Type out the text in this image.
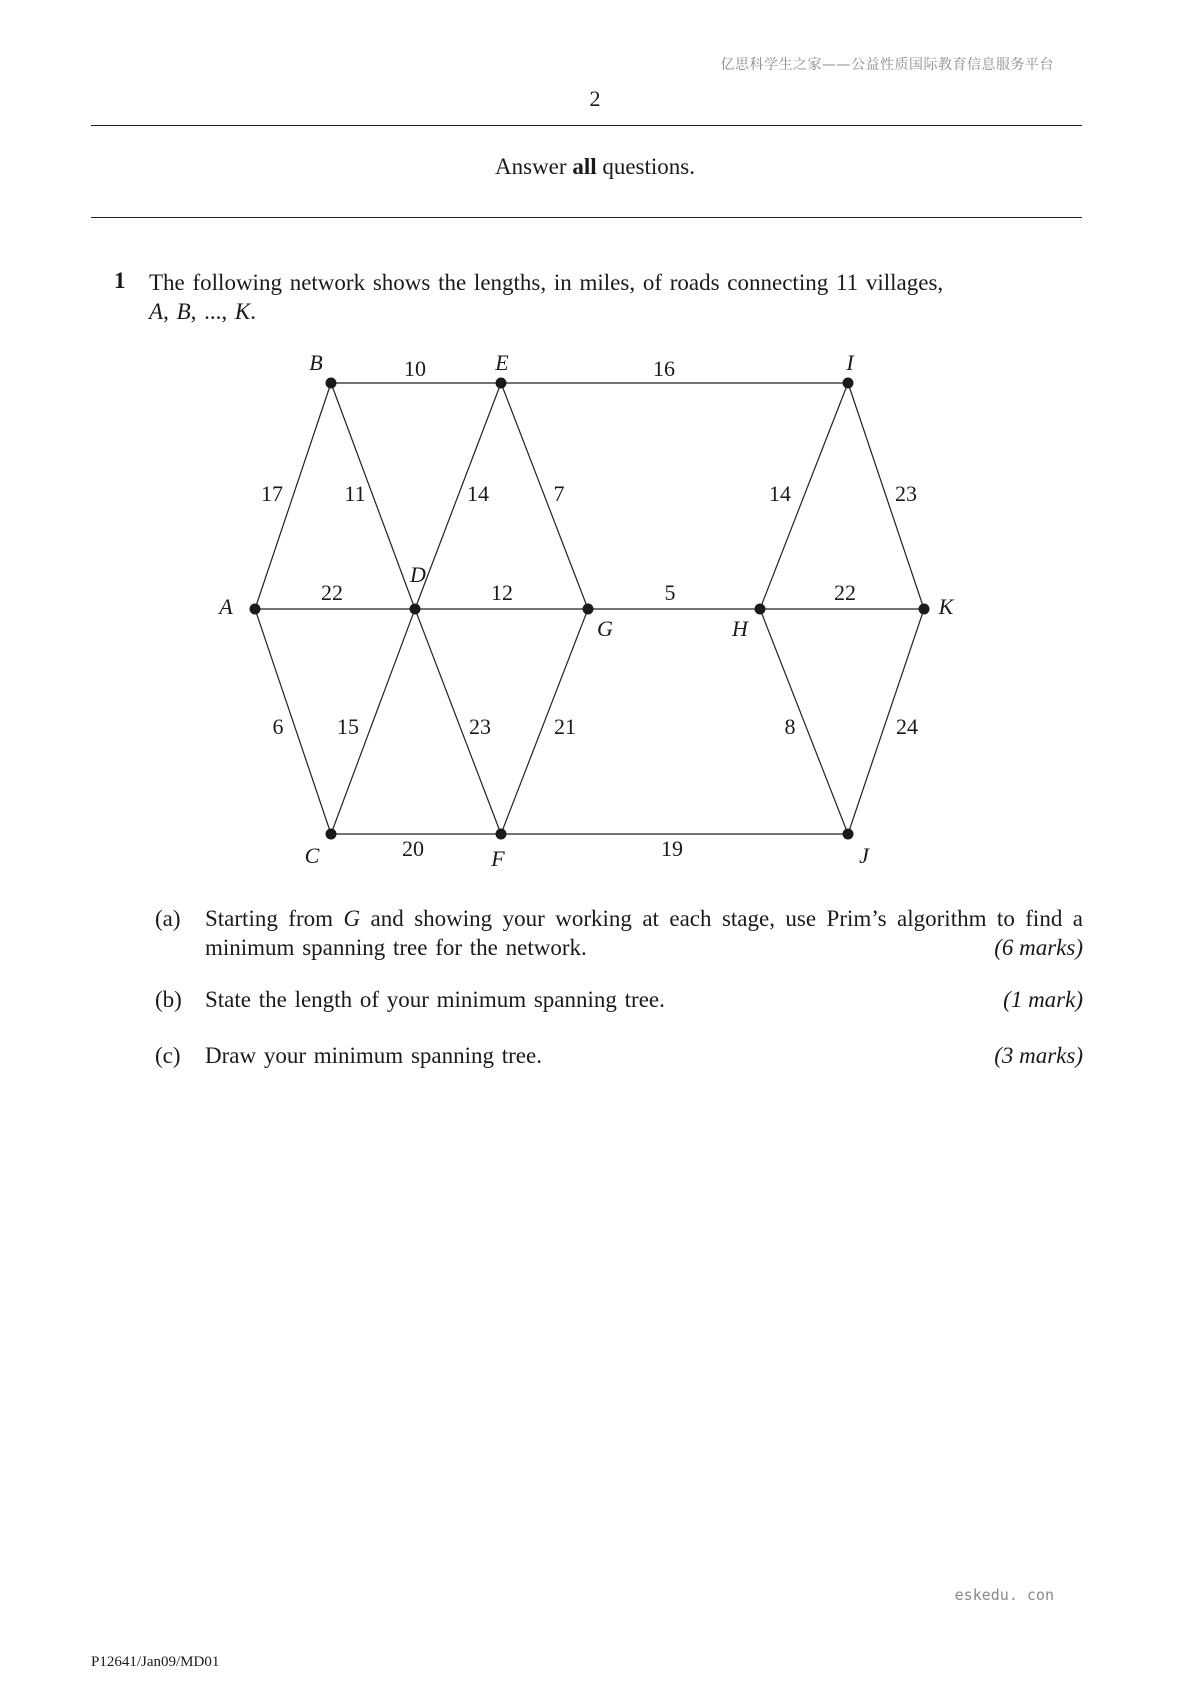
亿思科学生之家——公益性质国际教育信息服务平台
2
Answer all questions.
1 The following network shows the lengths, in miles, of roads connecting 11 villages,
A, B, ..., K.
10	16
17	11	14	7	14	23
22	12	5	22
6 15	23	21	8	24
20	19
A
B
C
D
E
F
G	H
I
J
K
(a) Starting from G and showing your working at each stage, use Prim’s algorithm to find a
minimum spanning tree for the network.	(6 marks)
(b) State the length of your minimum spanning tree.	(1 mark)
(c) Draw your minimum spanning tree.	(3 marks)
eskedu. con
P12641/Jan09/MD01
